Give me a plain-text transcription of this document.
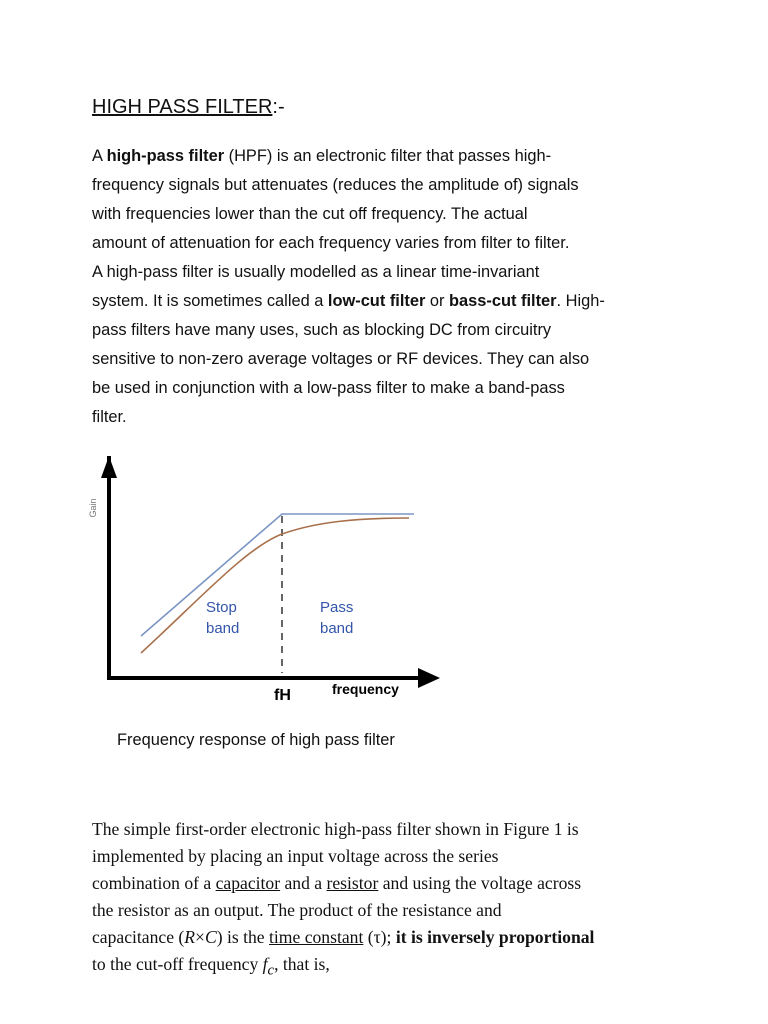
HIGH PASS FILTER:-

A high-pass filter (HPF) is an electronic filter that passes high-
frequency signals but attenuates (reduces the amplitude of) signals
with frequencies lower than the cut off frequency. The actual
amount of attenuation for each frequency varies from filter to filter.
A high-pass filter is usually modelled as a linear time-invariant
system. It is sometimes called a low-cut filter or bass-cut filter. High-
pass filters have many uses, such as blocking DC from circuitry
sensitive to non-zero average voltages or RF devices. They can also
be used in conjunction with a low-pass filter to make a band-pass
filter.

Gain
Stop
band
Pass
band
fH	frequency

Frequency response of high pass filter

The simple first-order electronic high-pass filter shown in Figure 1 is
implemented by placing an input voltage across the series
combination of a capacitor and a resistor and using the voltage across
the resistor as an output. The product of the resistance and
capacitance (R×C) is the time constant (τ); it is inversely proportional
to the cut-off frequency $f_c$, that is,
